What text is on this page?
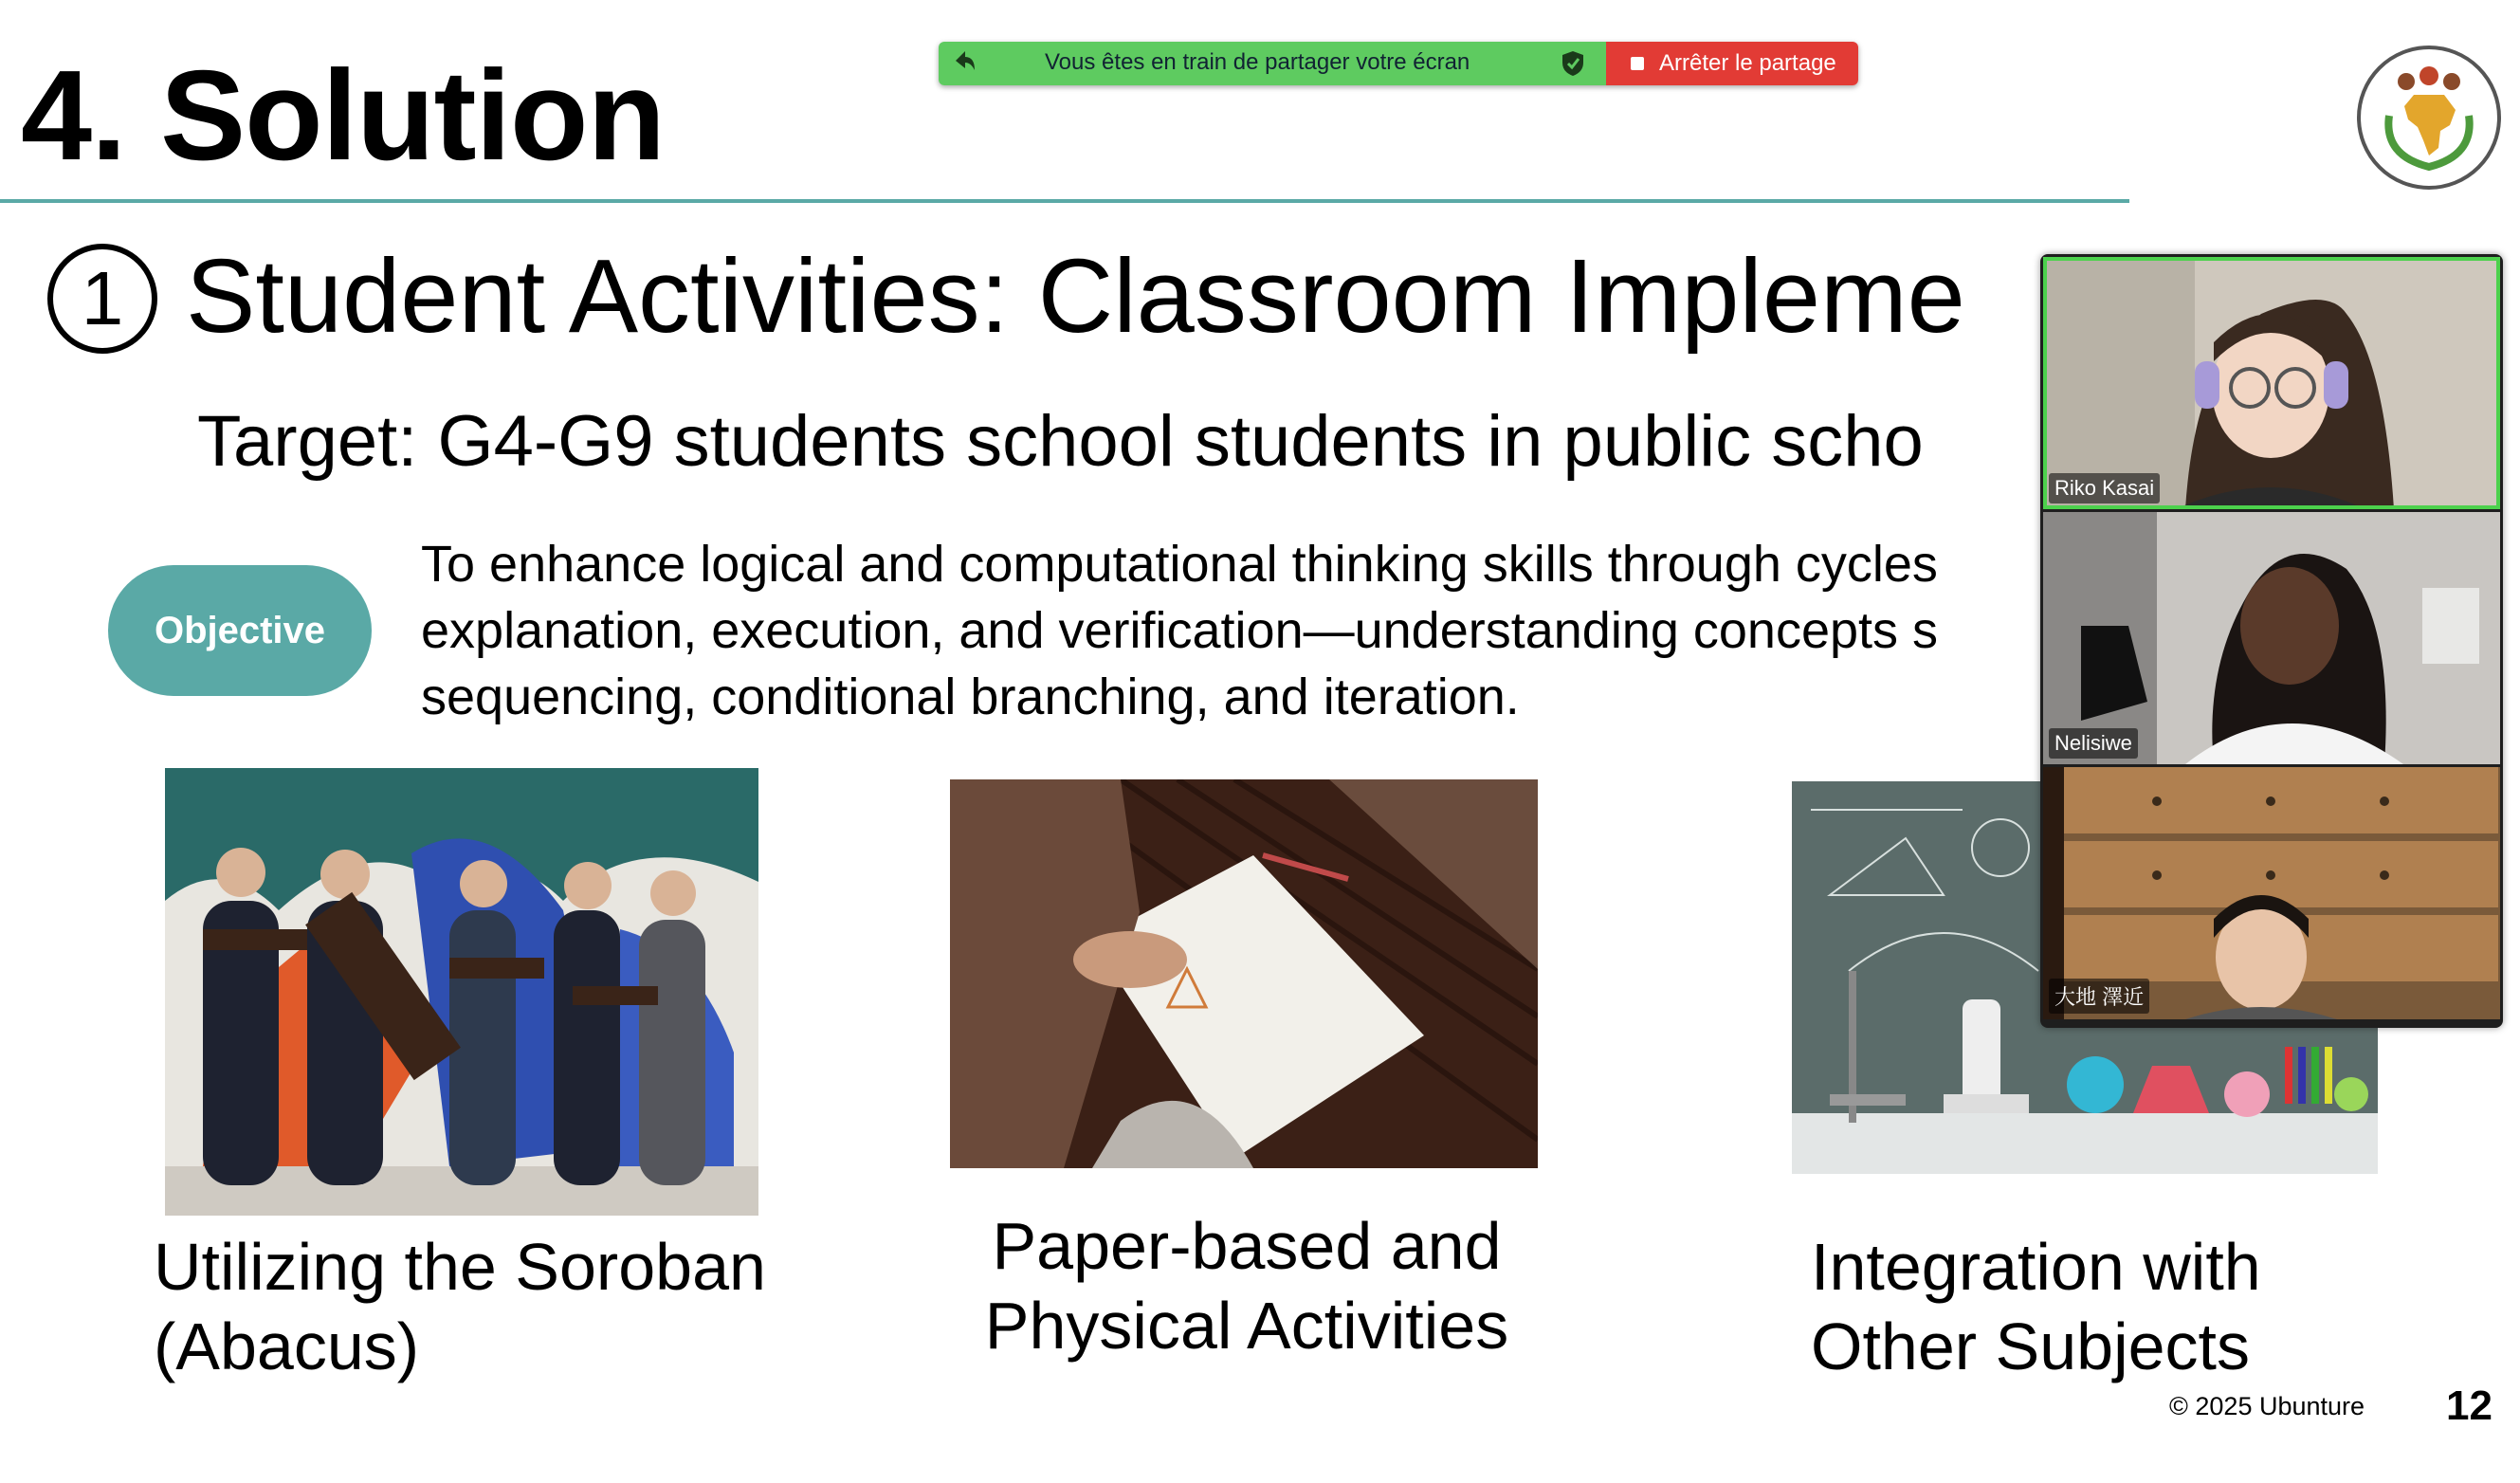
4. Solution
1 Student Activities: Classroom Impleme
Target: G4-G9 students school students in public scho
Objective
To enhance logical and computational thinking skills through cycles
explanation, execution, and verification—understanding concepts s
sequencing, conditional branching, and iteration.
Utilizing the Soroban
(Abacus)
Paper-based and
Physical Activities
Integration with
Other Subjects
© 2025 Ubunture 12
Vous êtes en train de partager votre écran	Arrêter le partage
Riko Kasai
Nelisiwe
大地 澤近
